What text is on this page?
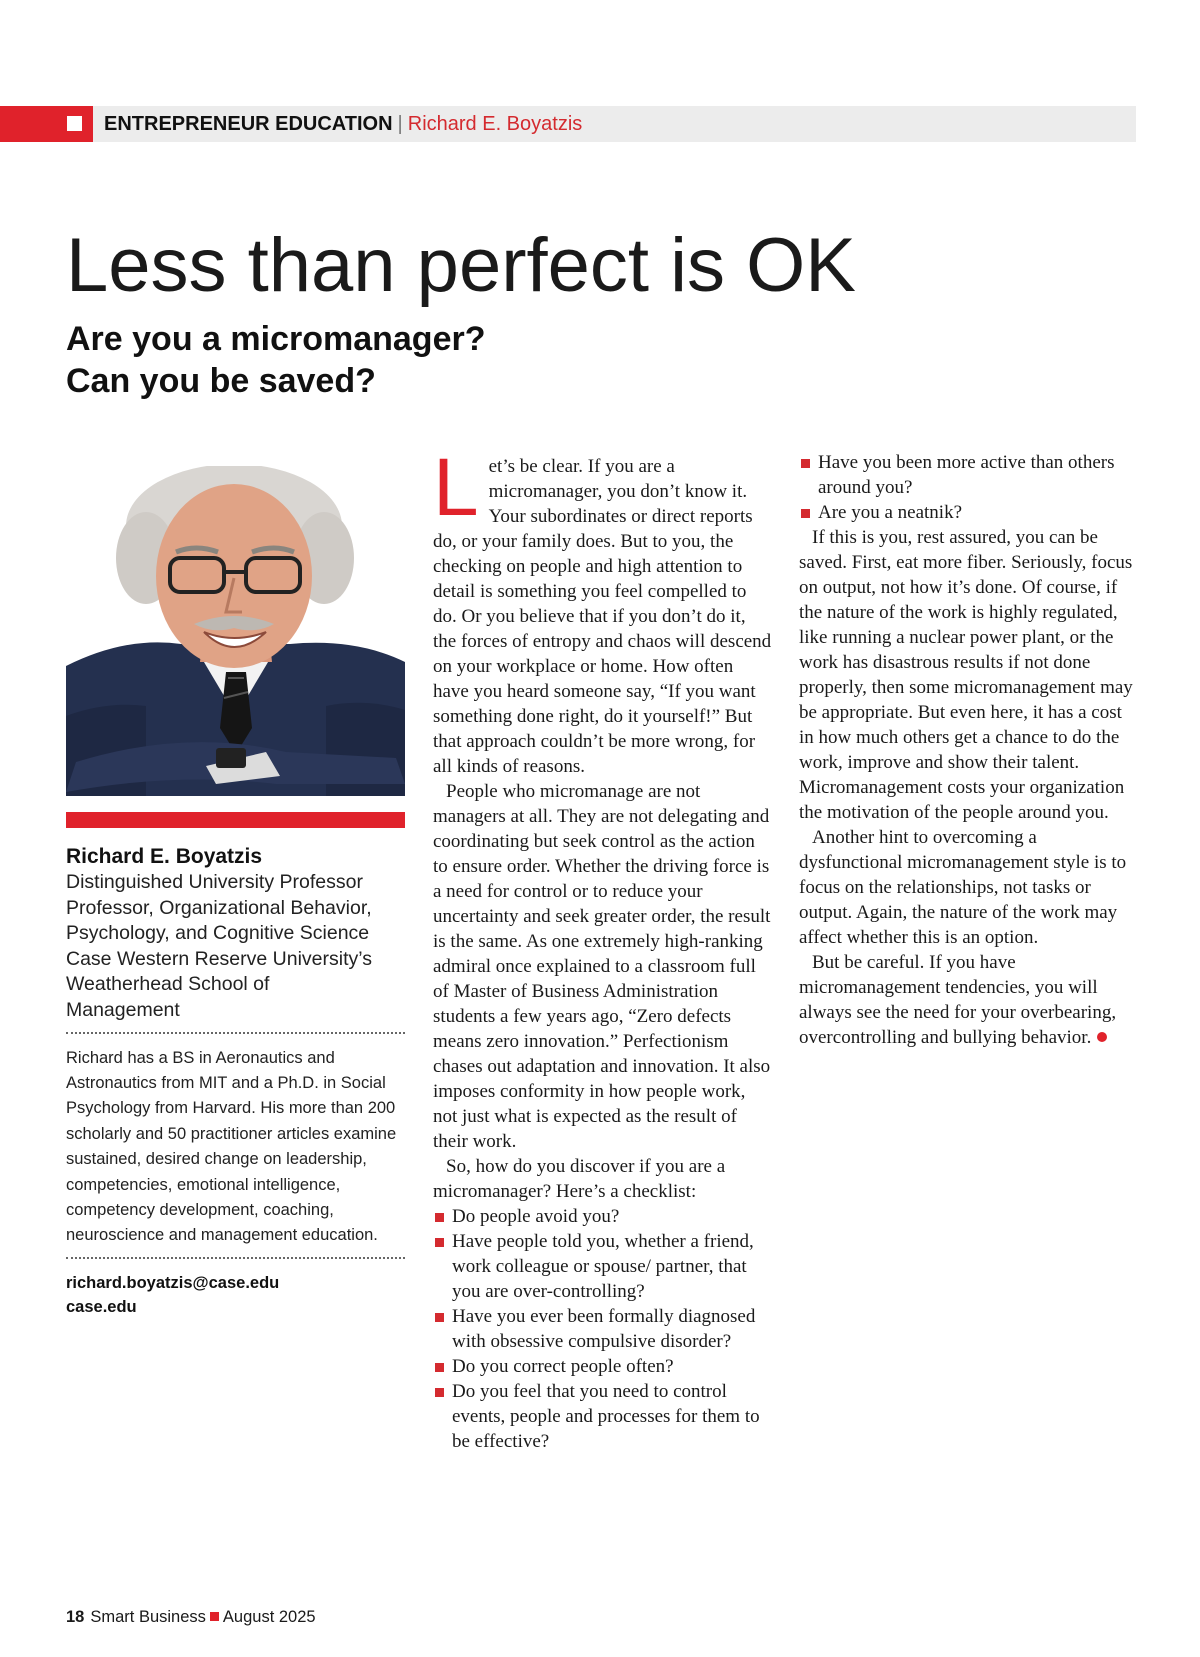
ENTREPRENEUR EDUCATION | Richard E. Boyatzis
Less than perfect is OK
Are you a micromanager?
Can you be saved?
Richard E. Boyatzis
Distinguished University Professor
Professor, Organizational Behavior,
Psychology, and Cognitive Science
Case Western Reserve University’s
Weatherhead School of
Management
Richard has a BS in Aeronautics and Astronautics from MIT and a Ph.D. in Social Psychology from Harvard. His more than 200 scholarly and 50 practitioner articles examine sustained, desired change on leadership, competencies, emotional intelligence, competency development, coaching, neuroscience and management education.
richard.boyatzis@case.edu
case.edu

Let’s be clear. If you are a micromanager, you don’t know it. Your subordinates or direct reports do, or your family does. But to you, the checking on people and high attention to detail is something you feel compelled to do. Or you believe that if you don’t do it, the forces of entropy and chaos will descend on your workplace or home. How often have you heard someone say, “If you want something done right, do it yourself!” But that approach couldn’t be more wrong, for all kinds of reasons.

People who micromanage are not managers at all. They are not delegating and coordinating but seek control as the action to ensure order. Whether the driving force is a need for control or to reduce your uncertainty and seek greater order, the result is the same. As one extremely high-ranking admiral once explained to a classroom full of Master of Business Administration students a few years ago, “Zero defects means zero innovation.” Perfectionism chases out adaptation and innovation. It also imposes conformity in how people work, not just what is expected as the result of their work.

So, how do you discover if you are a micromanager? Here’s a checklist:

Do people avoid you?
Have people told you, whether a friend, work colleague or spouse/ partner, that you are over-controlling?
Have you ever been formally diagnosed with obsessive compulsive disorder?
Do you correct people often?
Do you feel that you need to control events, people and processes for them to be effective?
Have you been more active than others around you?
Are you a neatnik?

If this is you, rest assured, you can be saved. First, eat more fiber. Seriously, focus on output, not how it’s done. Of course, if the nature of the work is highly regulated, like running a nuclear power plant, or the work has disastrous results if not done properly, then some micromanagement may be appropriate. But even here, it has a cost in how much others get a chance to do the work, improve and show their talent. Micromanagement costs your organization the motivation of the people around you.

Another hint to overcoming a dysfunctional micromanagement style is to focus on the relationships, not tasks or output. Again, the nature of the work may affect whether this is an option.

But be careful. If you have micromanagement tendencies, you will always see the need for your overbearing, overcontrolling and bullying behavior.

18 Smart Business August 2025
